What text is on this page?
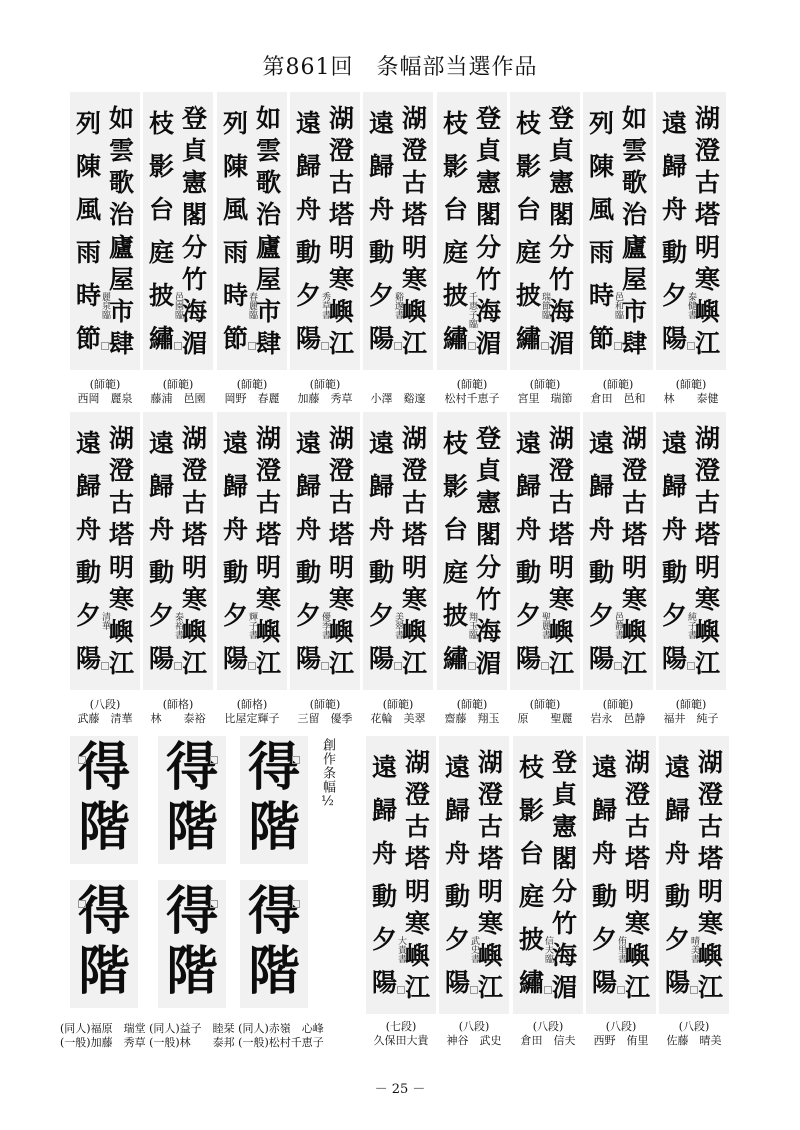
第861回　条幅部当選作品
如
雲
歌
治
廬
屋
市
肆
列
陳
風
雨
時
節
麗泉臨
(師範)
西岡　麗泉
登
貞
憲
閣
分
竹
海
湄
枝
影
台
庭
披
繡
邑園臨
(師範)
藤浦　邑園
如
雲
歌
治
廬
屋
市
肆
列
陳
風
雨
時
節
春麗臨
(師範)
岡野　春麗
湖
澄
古
塔
明
寒
嶼
江
遠
歸
舟
動
夕
陽
秀草書
(師範)
加藤　秀草
湖
澄
古
塔
明
寒
嶼
江
遠
歸
舟
動
夕
陽
谿邃書
小澤　谿邃
登
貞
憲
閣
分
竹
海
湄
枝
影
台
庭
披
繡
千恵子臨
(師範)
松村千恵子
登
貞
憲
閣
分
竹
海
湄
枝
影
台
庭
披
繡
瑞節臨
(師範)
宮里　瑞節
如
雲
歌
治
廬
屋
市
肆
列
陳
風
雨
時
節
邑和臨
(師範)
倉田　邑和
湖
澄
古
塔
明
寒
嶼
江
遠
歸
舟
動
夕
陽
泰健書
(師範)
林　　泰健
湖
澄
古
塔
明
寒
嶼
江
遠
歸
舟
動
夕
陽
清華
(八段)
武藤　清華
湖
澄
古
塔
明
寒
嶼
江
遠
歸
舟
動
夕
陽
泰裕書
(師格)
林　　泰裕
湖
澄
古
塔
明
寒
嶼
江
遠
歸
舟
動
夕
陽
輝子書
(師格)
比屋定輝子
湖
澄
古
塔
明
寒
嶼
江
遠
歸
舟
動
夕
陽
優季書
(師範)
三留　優季
湖
澄
古
塔
明
寒
嶼
江
遠
歸
舟
動
夕
陽
美翠書
(師範)
花輪　美翠
登
貞
憲
閣
分
竹
海
湄
枝
影
台
庭
披
繡
翔玉臨
(師範)
齋藤　翔玉
湖
澄
古
塔
明
寒
嶼
江
遠
歸
舟
動
夕
陽
聖麗書
(師範)
原　　聖麗
湖
澄
古
塔
明
寒
嶼
江
遠
歸
舟
動
夕
陽
邑静書
(師範)
岩永　邑静
湖
澄
古
塔
明
寒
嶼
江
遠
歸
舟
動
夕
陽
純子書
(師範)
福井　純子
湖
澄
古
塔
明
寒
嶼
江
遠
歸
舟
動
夕
陽
大貴書
(七段)
久保田大貴
湖
澄
古
塔
明
寒
嶼
江
遠
歸
舟
動
夕
陽
武史書
(八段)
神谷　武史
登
貞
憲
閣
分
竹
海
湄
枝
影
台
庭
披
繡
信夫臨
(八段)
倉田　信夫
湖
澄
古
塔
明
寒
嶼
江
遠
歸
舟
動
夕
陽
侑里書
(八段)
西野　侑里
湖
澄
古
塔
明
寒
嶼
江
遠
歸
舟
動
夕
陽
晴美書
(八段)
佐藤　晴美
得
階
得
階
得
階
得
階
得
階
得
階
創作条幅½
(同人)福原　瑞堂 (同人)益子　睦栞 (同人)赤嶺　心峰
(一般)加藤　秀草 (一般)林　　泰邦 (一般)松村千恵子
－ 25 －
